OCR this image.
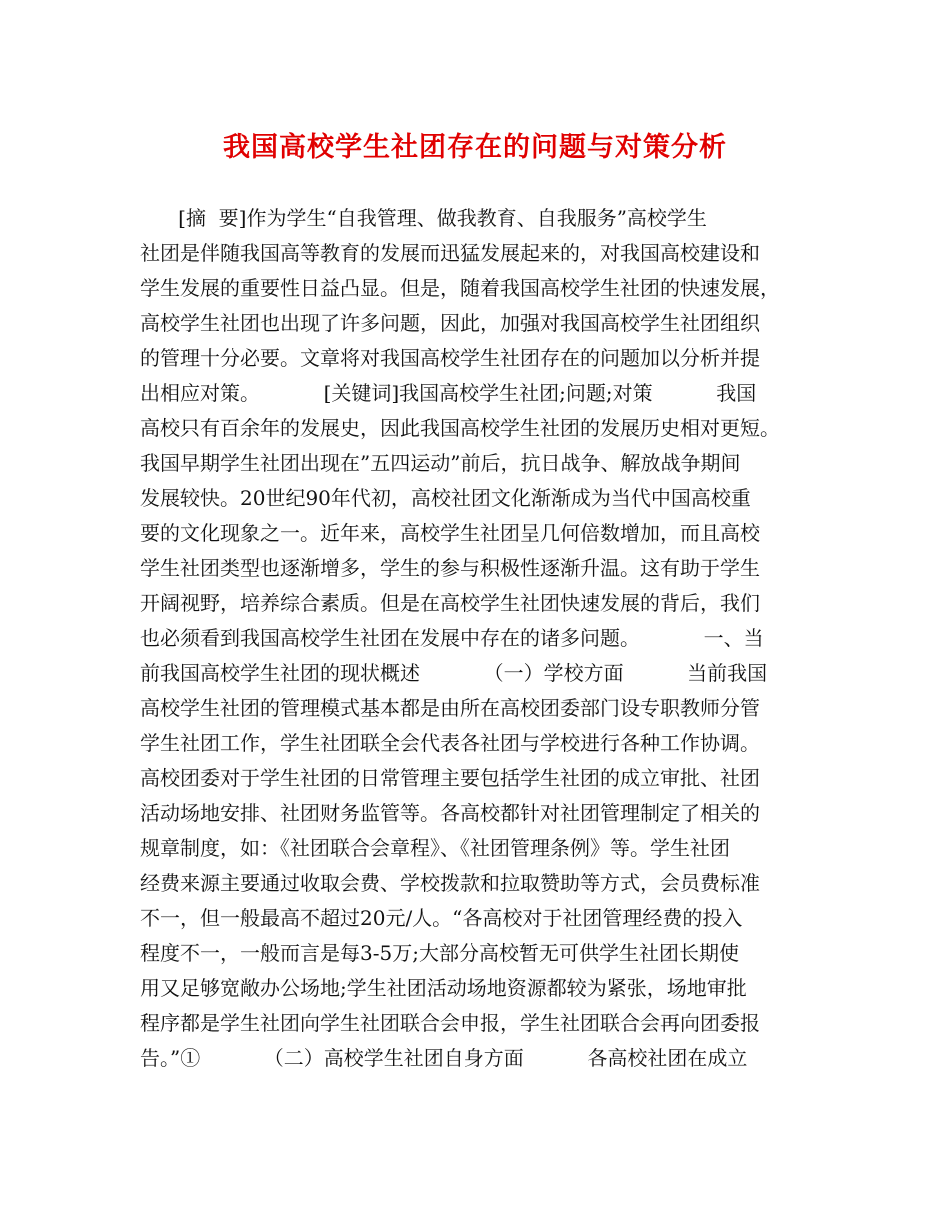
我国高校学生社团存在的问题与对策分析
[摘  要]作为学生“自我管理、做我教育、自我服务”高校学生
社团是伴随我国高等教育的发展而迅猛发展起来的，对我国高校建设和
学生发展的重要性日益凸显。但是，随着我国高校学生社团的快速发展，
高校学生社团也出现了许多问题，因此，加强对我国高校学生社团组织
的管理十分必要。文章将对我国高校学生社团存在的问题加以分析并提
出相应对策。          [关键词]我国高校学生社团;问题;对策          我国
高校只有百余年的发展史，因此我国高校学生社团的发展历史相对更短。
我国早期学生社团出现在”五四运动”前后，抗日战争、解放战争期间
发展较快。20世纪90年代初，高校社团文化渐渐成为当代中国高校重
要的文化现象之一。近年来，高校学生社团呈几何倍数增加，而且高校
学生社团类型也逐渐增多，学生的参与积极性逐渐升温。这有助于学生
开阔视野，培养综合素质。但是在高校学生社团快速发展的背后，我们
也必须看到我国高校学生社团在发展中存在的诸多问题。          一、当
前我国高校学生社团的现状概述          （一）学校方面          当前我国
高校学生社团的管理模式基本都是由所在高校团委部门设专职教师分管
学生社团工作，学生社团联全会代表各社团与学校进行各种工作协调。
高校团委对于学生社团的日常管理主要包括学生社团的成立审批、社团
活动场地安排、社团财务监管等。各高校都针对社团管理制定了相关的
规章制度，如：《社团联合会章程》、《社团管理条例》等。学生社团
经费来源主要通过收取会费、学校拨款和拉取赞助等方式，会员费标准
不一，但一般最高不超过20元/人。“各高校对于社团管理经费的投入
程度不一，一般而言是每3-5万;大部分高校暂无可供学生社团长期使
用又足够宽敞办公场地;学生社团活动场地资源都较为紧张，场地审批
程序都是学生社团向学生社团联合会申报，学生社团联合会再向团委报
告。”①          （二）高校学生社团自身方面          各高校社团在成立
